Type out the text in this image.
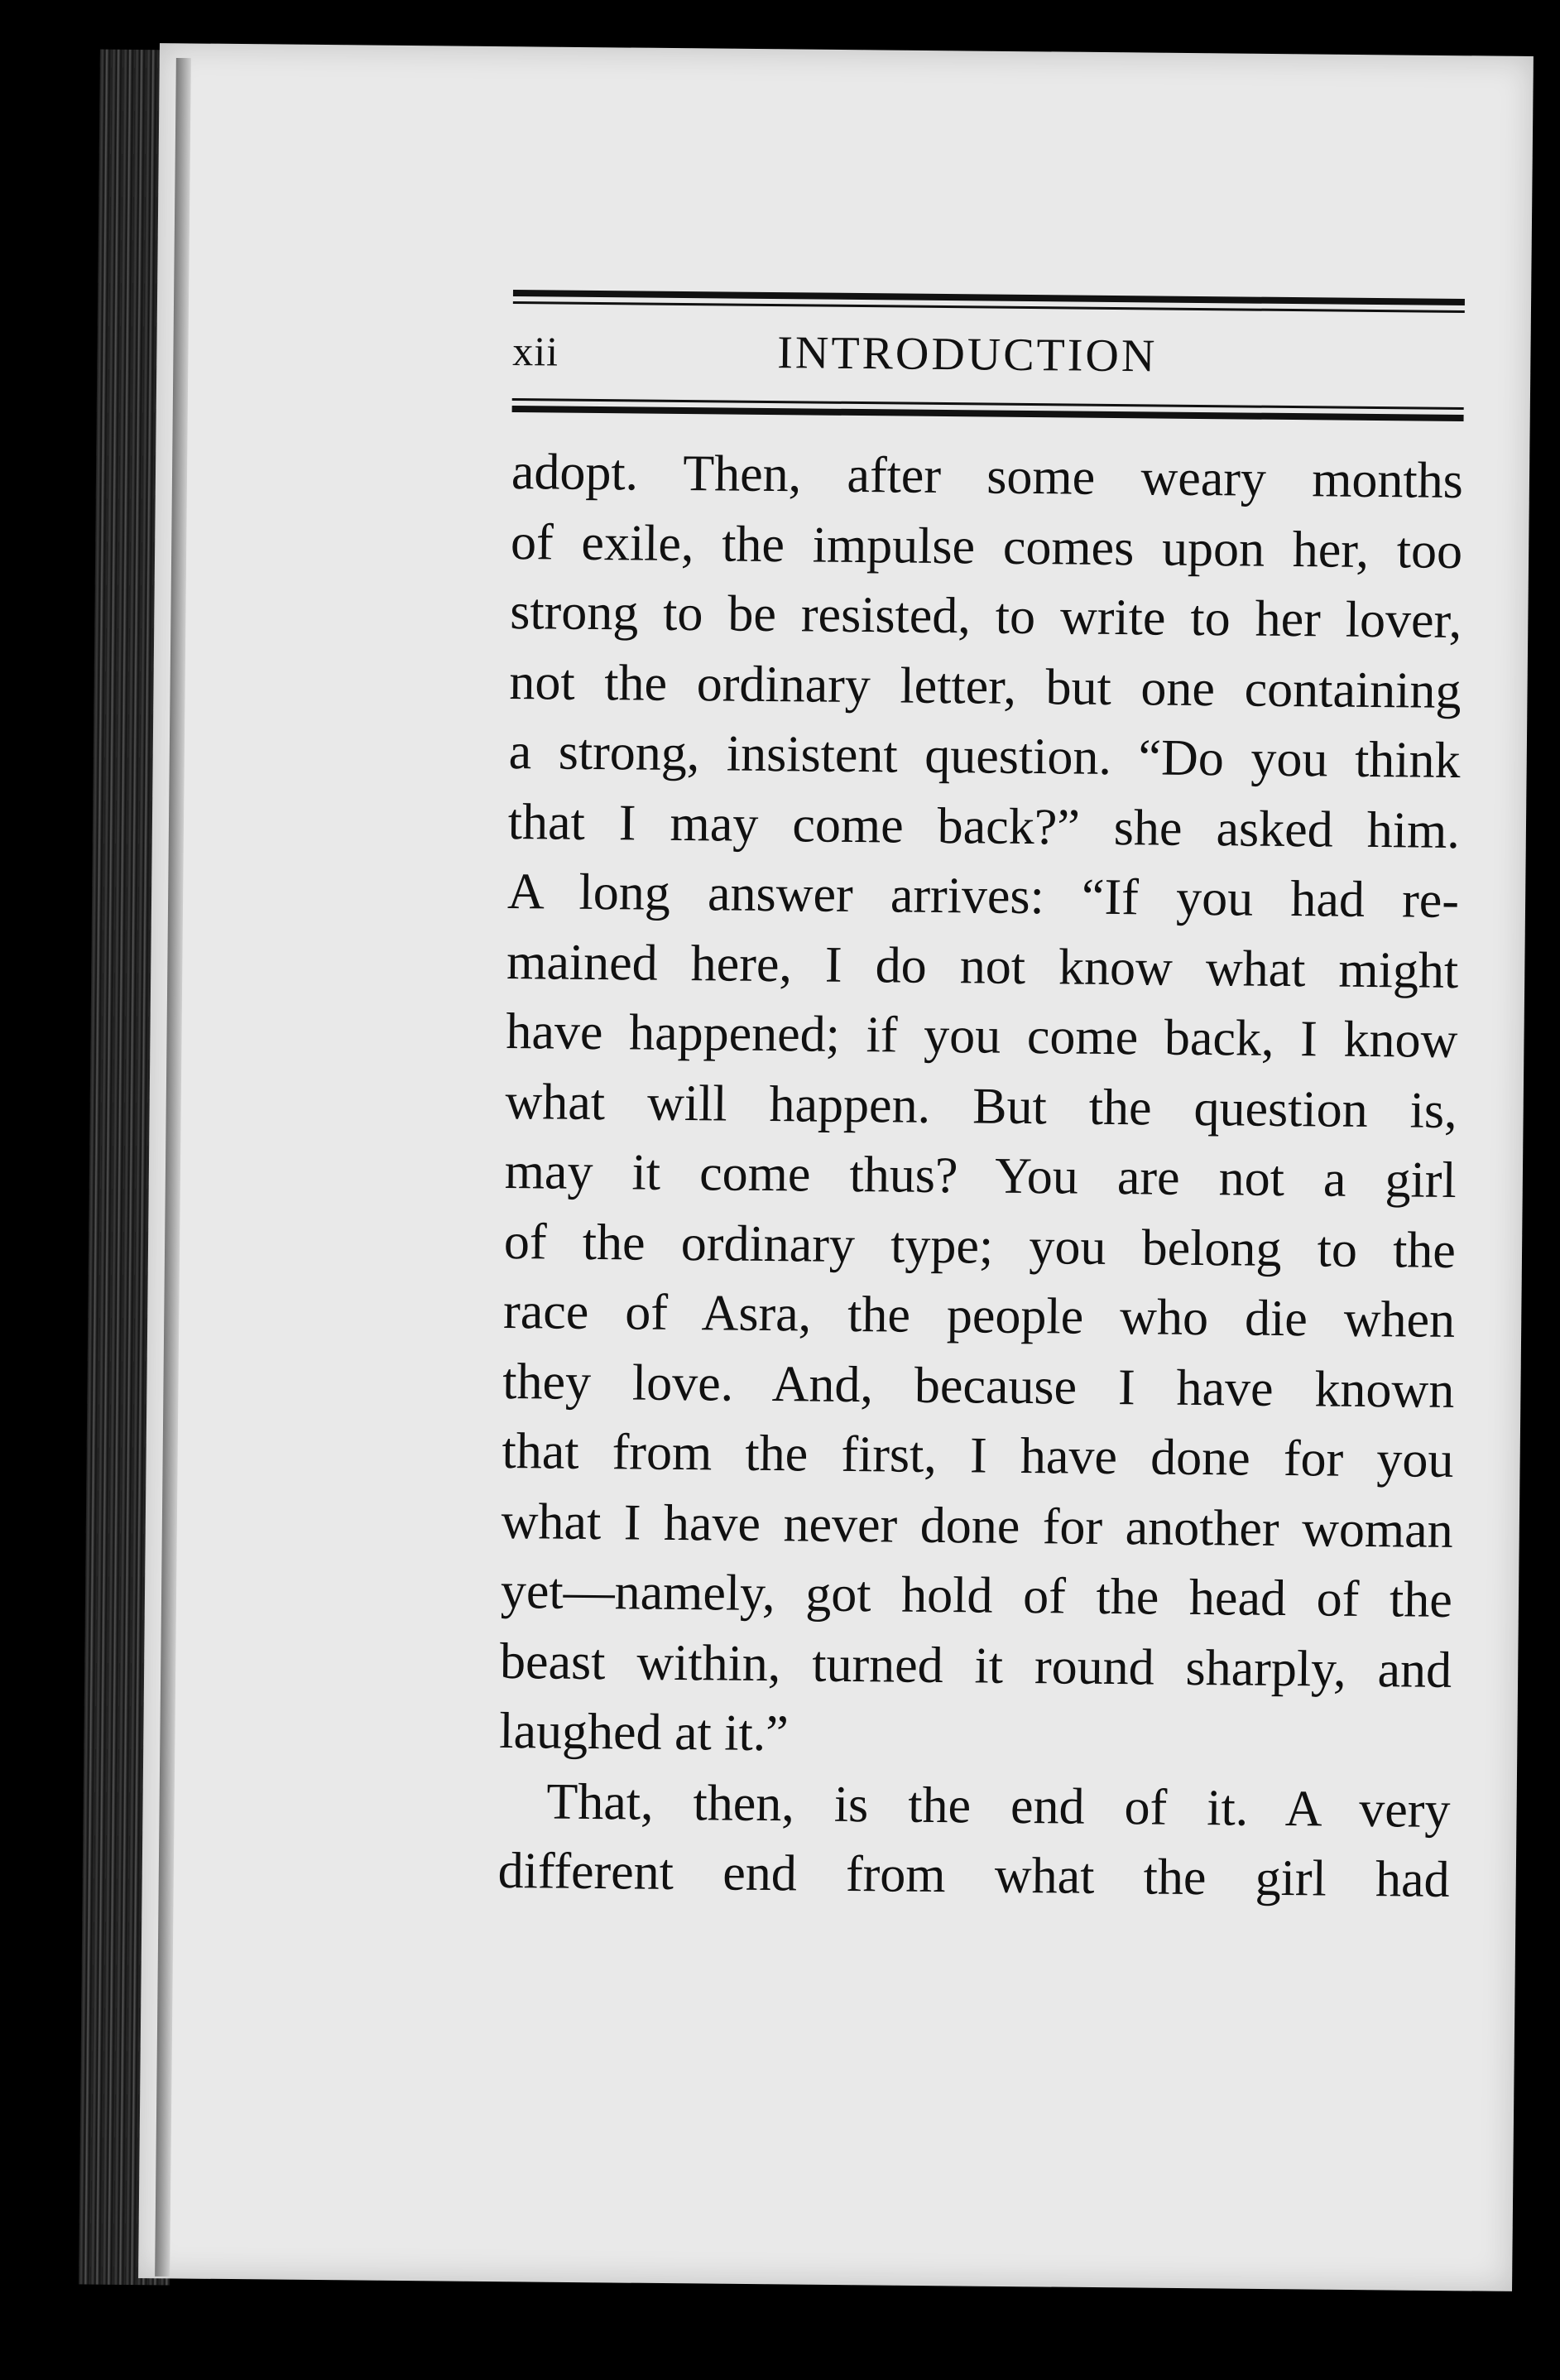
xii	INTRODUCTION
adopt. Then, after some weary months
of exile, the impulse comes upon her, too
strong to be resisted, to write to her lover,
not the ordinary letter, but one containing
a strong, insistent question. “Do you think
that I may come back?” she asked him.
A long answer arrives: “If you had re-
mained here, I do not know what might
have happened; if you come back, I know
what will happen. But the question is,
may it come thus? You are not a girl
of the ordinary type; you belong to the
race of Asra, the people who die when
they love. And, because I have known
that from the first, I have done for you
what I have never done for another woman
yet—namely, got hold of the head of the
beast within, turned it round sharply, and
laughed at it.”
That, then, is the end of it. A very
different end from what the girl had
